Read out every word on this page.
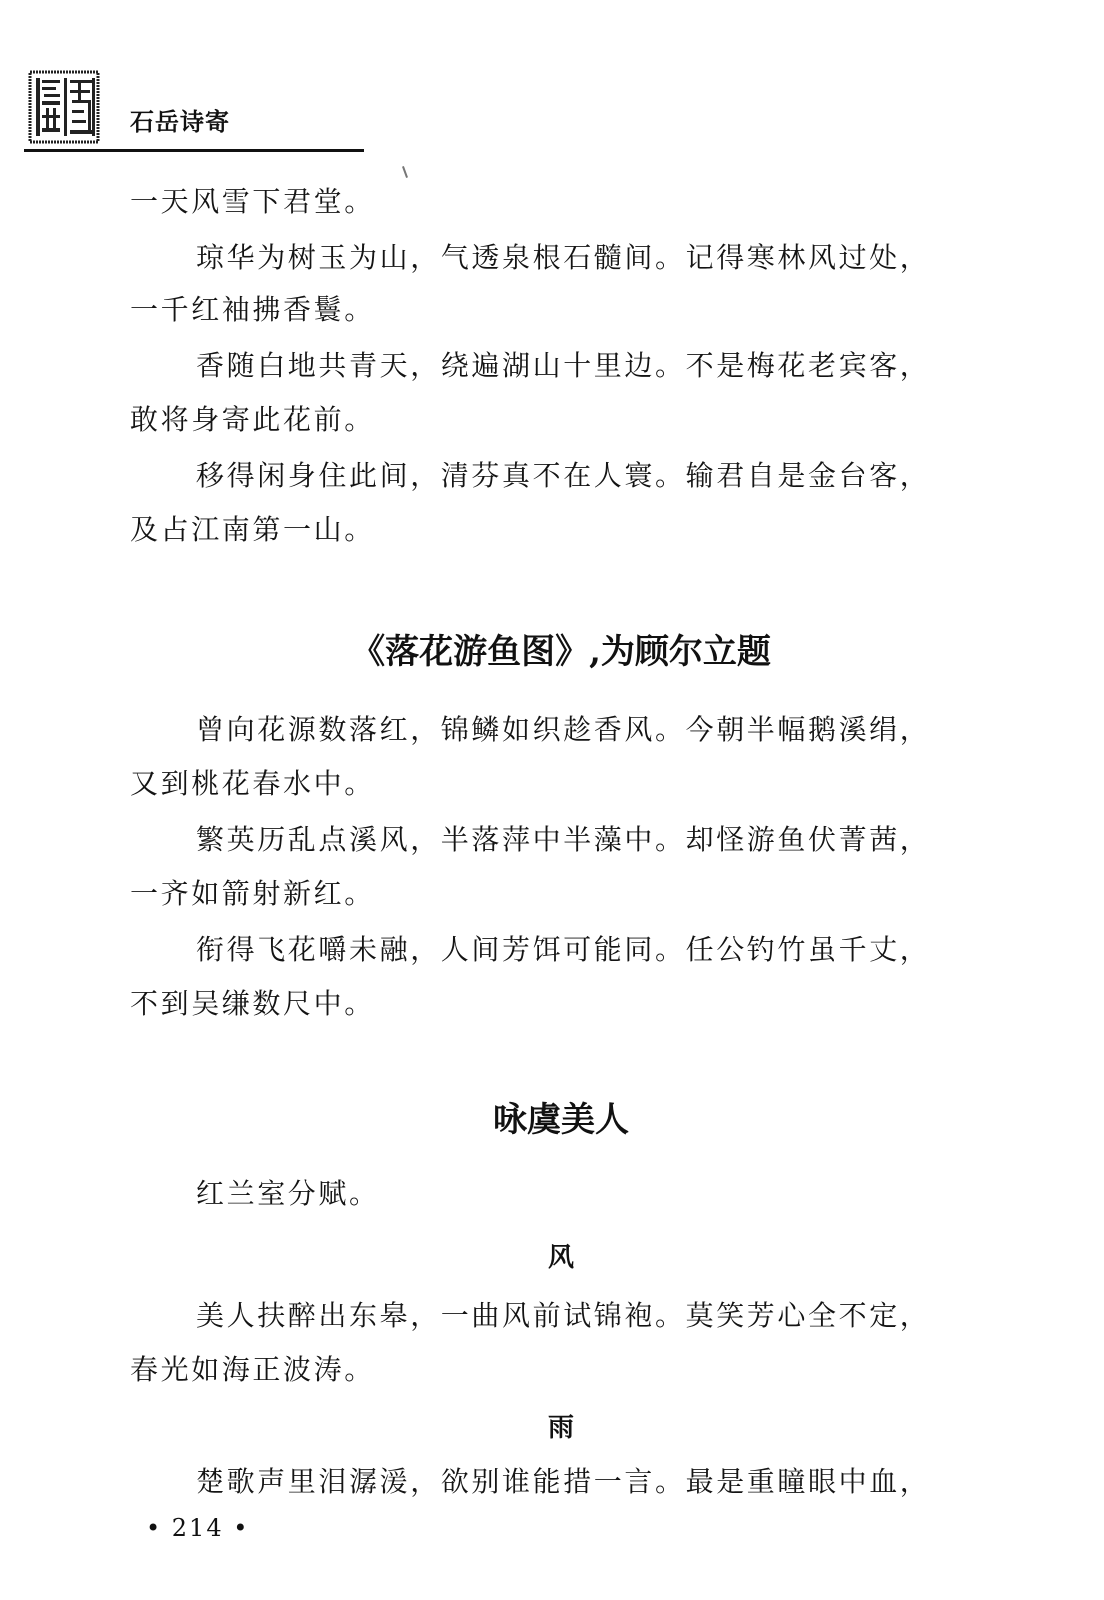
石岳诗寄
一天风雪下君堂。
琼华为树玉为山，气透泉根石髓间。记得寒林风过处，
一千红袖拂香鬟。
香随白地共青天，绕遍湖山十里边。不是梅花老宾客，
敢将身寄此花前。
移得闲身住此间，清芬真不在人寰。输君自是金台客，
及占江南第一山。
《落花游鱼图》,为顾尔立题
曾向花源数落红，锦鳞如织趁香风。今朝半幅鹅溪绢，
又到桃花春水中。
繁英历乱点溪风，半落萍中半藻中。却怪游鱼伏菁茜，
一齐如箭射新红。
衔得飞花嚼未融，人间芳饵可能同。任公钓竹虽千丈，
不到吴缣数尺中。
咏虞美人
红兰室分赋。
风
美人扶醉出东皋，一曲风前试锦袍。莫笑芳心全不定，
春光如海正波涛。
雨
楚歌声里泪潺湲，欲别谁能措一言。最是重瞳眼中血，
• 214 •
